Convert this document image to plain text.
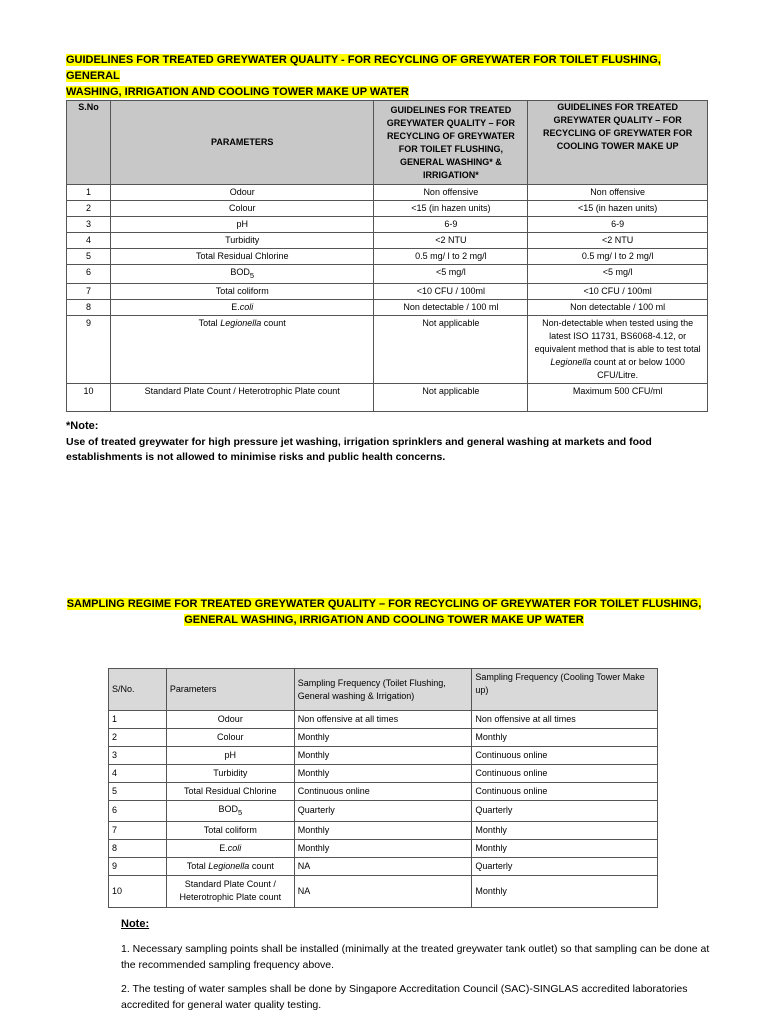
GUIDELINES FOR TREATED GREYWATER QUALITY - FOR RECYCLING OF GREYWATER FOR TOILET FLUSHING, GENERAL
WASHING, IRRIGATION AND COOLING TOWER MAKE UP WATER
S.No	PARAMETERS	GUIDELINES FOR TREATED GREYWATER QUALITY – FOR RECYCLING OF GREYWATER FOR TOILET FLUSHING, GENERAL WASHING* & IRRIGATION*	GUIDELINES FOR TREATED GREYWATER QUALITY – FOR RECYCLING OF GREYWATER FOR COOLING TOWER MAKE UP
1	Odour	Non offensive	Non offensive
2	Colour	<15 (in hazen units)	<15 (in hazen units)
3	pH	6-9	6-9
4	Turbidity	<2 NTU	<2 NTU
5	Total Residual Chlorine	0.5 mg/ l to 2 mg/l	0.5 mg/ l to 2 mg/l
6	$BOD_5$	<5 mg/l	<5 mg/l
7	Total coliform	<10 CFU / 100ml	<10 CFU / 100ml
8	E.coli	Non detectable / 100 ml	Non detectable / 100 ml
9	Total Legionella count	Not applicable	Non-detectable when tested using the latest ISO 11731, BS6068-4.12, or equivalent method that is able to test total Legionella count at or below 1000 CFU/Litre.
10	Standard Plate Count / Heterotrophic Plate count	Not applicable	Maximum 500 CFU/ml
*Note:
Use of treated greywater for high pressure jet washing, irrigation sprinklers and general washing at markets and food establishments is not allowed to minimise risks and public health concerns.
SAMPLING REGIME FOR TREATED GREYWATER QUALITY – FOR RECYCLING OF GREYWATER FOR TOILET FLUSHING,
GENERAL WASHING, IRRIGATION AND COOLING TOWER MAKE UP WATER
S/No.	Parameters	Sampling Frequency (Toilet Flushing, General washing & Irrigation)	Sampling Frequency (Cooling Tower Make up)
1	Odour	Non offensive at all times	Non offensive at all times
2	Colour	Monthly	Monthly
3	pH	Monthly	Continuous online
4	Turbidity	Monthly	Continuous online
5	Total Residual Chlorine	Continuous online	Continuous online
6	$BOD_5$	Quarterly	Quarterly
7	Total coliform	Monthly	Monthly
8	E.coli	Monthly	Monthly
9	Total Legionella count	NA	Quarterly
10	Standard Plate Count / Heterotrophic Plate count	NA	Monthly
Note:
1. Necessary sampling points shall be installed (minimally at the treated greywater tank outlet) so that sampling can be done at the recommended sampling frequency above.
2. The testing of water samples shall be done by Singapore Accreditation Council (SAC)-SINGLAS accredited laboratories accredited for general water quality testing.
